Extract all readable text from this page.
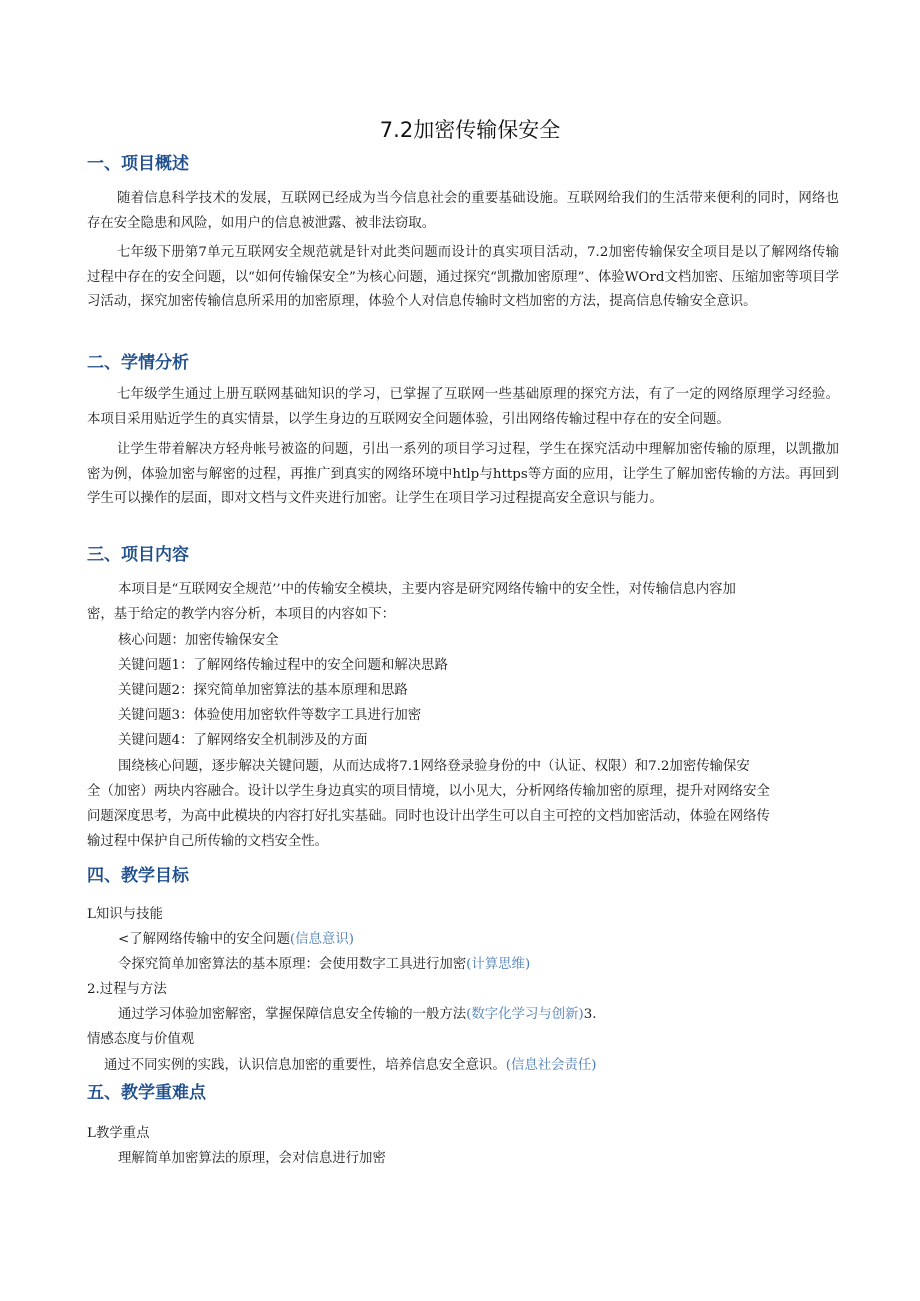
7.2加密传输保安全
一、项目概述

随着信息科学技术的发展，互联网已经成为当今信息社会的重要基础设施。互联网给我们的生活带来便利的同时，网络也存在安全隐患和风险，如用户的信息被泄露、被非法窃取。

七年级下册第7单元互联网安全规范就是针对此类问题而设计的真实项目活动，7.2加密传输保安全项目是以了解网络传输过程中存在的安全问题，以“如何传输保安全”为核心问题，通过探究“凯撒加密原理”、体验WOrd文档加密、压缩加密等项目学习活动，探究加密传输信息所采用的加密原理，体验个人对信息传输时文档加密的方法，提高信息传输安全意识。

二、学情分析

七年级学生通过上册互联网基础知识的学习，已掌握了互联网一些基础原理的探究方法，有了一定的网络原理学习经验。本项目采用贴近学生的真实情景，以学生身边的互联网安全问题体验，引出网络传输过程中存在的安全问题。

让学生带着解决方轻舟帐号被盗的问题，引出一系列的项目学习过程，学生在探究活动中理解加密传输的原理，以凯撒加密为例，体验加密与解密的过程，再推广到真实的网络环境中htlp与https等方面的应用，让学生了解加密传输的方法。再回到学生可以操作的层面，即对文档与文件夹进行加密。让学生在项目学习过程提高安全意识与能力。

三、项目内容

本项目是“互联网安全规范’’中的传输安全模块，主要内容是研究网络传输中的安全性，对传输信息内容加

密，基于给定的教学内容分析，本项目的内容如下：

核心问题：加密传输保安全

关键问题1：了解网络传输过程中的安全问题和解决思路

关键问题2：探究简单加密算法的基本原理和思路

关键问题3：体验使用加密软件等数字工具进行加密

关键问题4：了解网络安全机制涉及的方面

围绕核心问题，逐步解决关键问题，从而达成将7.1网络登录验身份的中（认证、权限）和7.2加密传输保安

全（加密）两块内容融合。设计以学生身边真实的项目情境，以小见大，分析网络传输加密的原理，提升对网络安全

问题深度思考，为高中此模块的内容打好扎实基础。同时也设计出学生可以自主可控的文档加密活动，体验在网络传

输过程中保护自己所传输的文档安全性。

四、教学目标

L知识与技能

<了解网络传输中的安全问题(信息意识)

令探究简单加密算法的基本原理：会使用数字工具进行加密(计算思维)

2.过程与方法

通过学习体验加密解密，掌握保障信息安全传输的一般方法(数字化学习与创新)3.

情感态度与价值观

通过不同实例的实践，认识信息加密的重要性，培养信息安全意识。(信息社会责任)

五、教学重难点

L教学重点

理解简单加密算法的原理，会对信息进行加密
